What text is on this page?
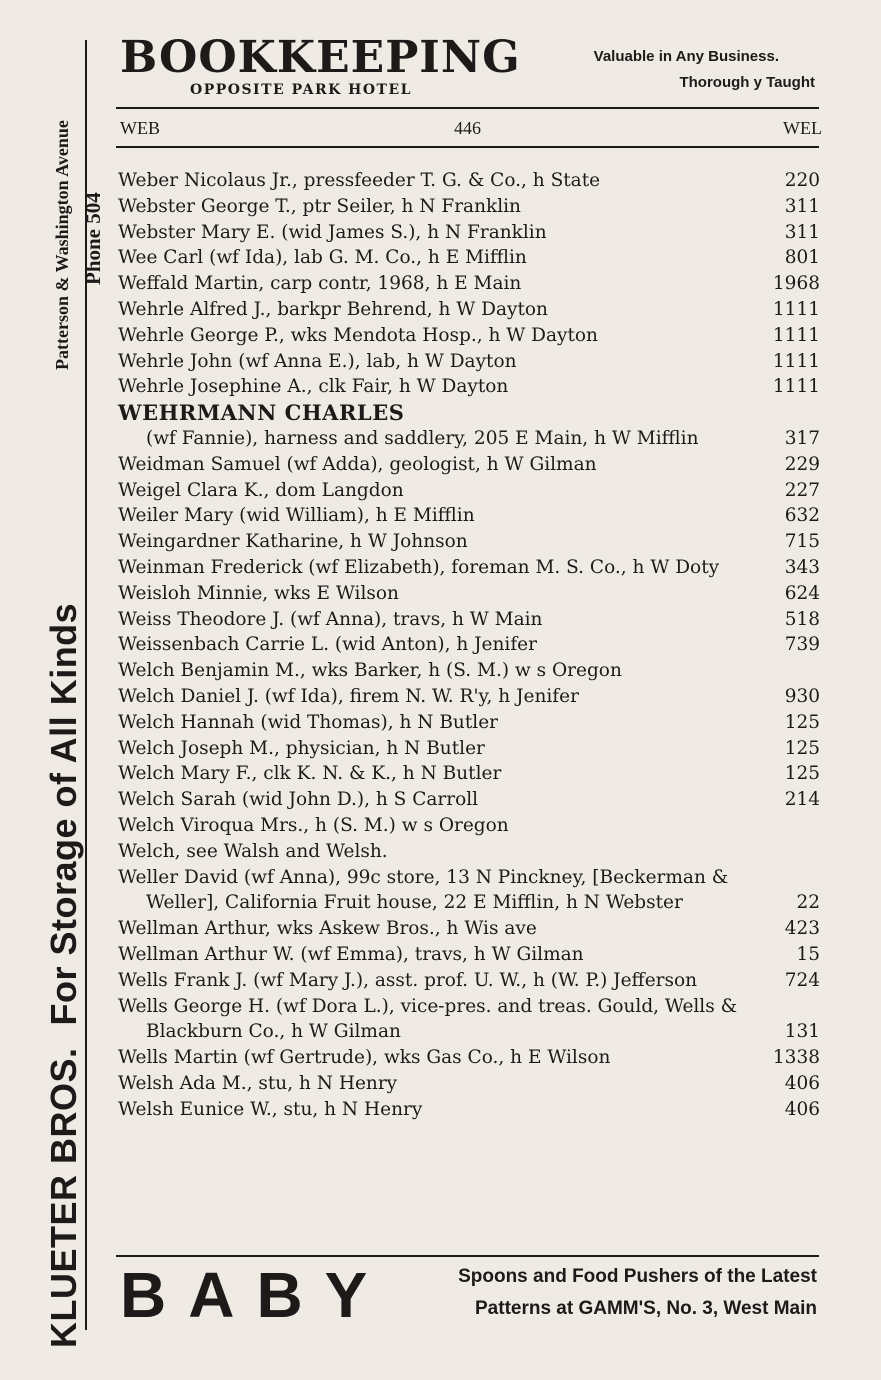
KLUETER BROS.For Storage of All Kinds
Patterson & Washington Avenue Phone 504
BOOKKEEPING
OPPOSITE PARK HOTEL
Valuable in Any Business.
Thorough y Taught
WEB	446	WEL
Weber Nicolaus Jr., pressfeeder T. G. & Co., h State	220
Webster George T., ptr Seiler, h N Franklin	311
Webster Mary E. (wid James S.), h N Franklin	311
Wee Carl (wf Ida), lab G. M. Co., h E Mifflin	801
Weffald Martin, carp contr, 1968, h E Main	1968
Wehrle Alfred J., barkpr Behrend, h W Dayton	1111
Wehrle George P., wks Mendota Hosp., h W Dayton	1111
Wehrle John (wf Anna E.), lab, h W Dayton	1111
Wehrle Josephine A., clk Fair, h W Dayton	1111
WEHRMANN CHARLES
(wf Fannie), harness and saddlery, 205 E Main, h W Mifflin	317
Weidman Samuel (wf Adda), geologist, h W Gilman	229
Weigel Clara K., dom Langdon	227
Weiler Mary (wid William), h E Mifflin	632
Weingardner Katharine, h W Johnson	715
Weinman Frederick (wf Elizabeth), foreman M. S. Co., h W Doty	343
Weisloh Minnie, wks E Wilson	624
Weiss Theodore J. (wf Anna), travs, h W Main	518
Weissenbach Carrie L. (wid Anton), h Jenifer	739
Welch Benjamin M., wks Barker, h (S. M.) w s Oregon
Welch Daniel J. (wf Ida), firem N. W. R'y, h Jenifer	930
Welch Hannah (wid Thomas), h N Butler	125
Welch Joseph M., physician, h N Butler	125
Welch Mary F., clk K. N. & K., h N Butler	125
Welch Sarah (wid John D.), h S Carroll	214
Welch Viroqua Mrs., h (S. M.) w s Oregon
Welch, see Walsh and Welsh.
Weller David (wf Anna), 99c store, 13 N Pinckney, [Beckerman & Weller], California Fruit house, 22 E Mifflin, h N Webster	22
Wellman Arthur, wks Askew Bros., h Wis ave	423
Wellman Arthur W. (wf Emma), travs, h W Gilman	15
Wells Frank J. (wf Mary J.), asst. prof. U. W., h (W. P.) Jefferson	724
Wells George H. (wf Dora L.), vice-pres. and treas. Gould, Wells & Blackburn Co., h W Gilman	131
Wells Martin (wf Gertrude), wks Gas Co., h E Wilson	1338
Welsh Ada M., stu, h N Henry	406
Welsh Eunice W., stu, h N Henry	406
BABY	Spoons and Food Pushers of the Latest
Patterns at GAMM'S, No. 3, West Main
